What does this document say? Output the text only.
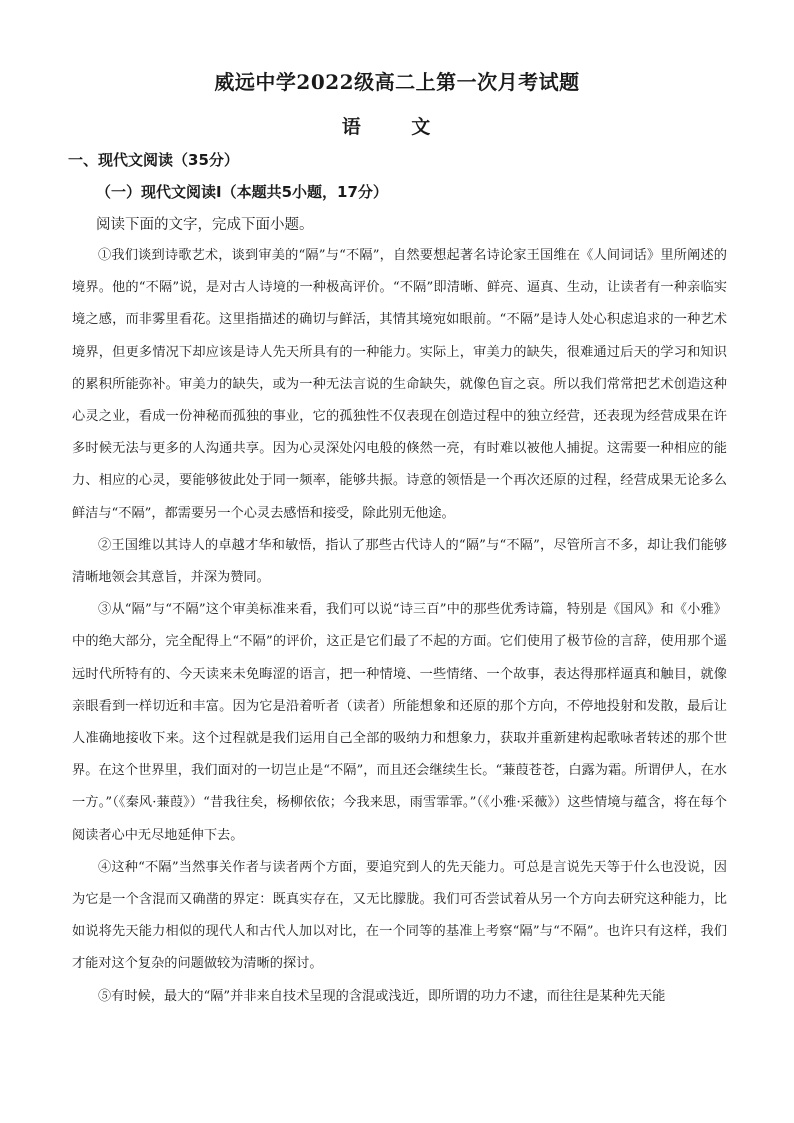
威远中学2022级高二上第一次月考试题
语 文
一、现代文阅读（35分）
（一）现代文阅读Ⅰ（本题共5小题，17分）
阅读下面的文字，完成下面小题。

①我们谈到诗歌艺术，谈到审美的“隔”与“不隔”，自然要想起著名诗论家王国维在《人间词话》里所阐述的境界。他的“不隔”说，是对古人诗境的一种极高评价。“不隔”即清晰、鲜亮、逼真、生动，让读者有一种亲临实境之感，而非雾里看花。这里指描述的确切与鲜活，其情其境宛如眼前。“不隔”是诗人处心积虑追求的一种艺术境界，但更多情况下却应该是诗人先天所具有的一种能力。实际上，审美力的缺失，很难通过后天的学习和知识的累积所能弥补。审美力的缺失，或为一种无法言说的生命缺失，就像色盲之哀。所以我们常常把艺术创造这种心灵之业，看成一份神秘而孤独的事业，它的孤独性不仅表现在创造过程中的独立经营，还表现为经营成果在许多时候无法与更多的人沟通共享。因为心灵深处闪电般的倏然一亮，有时难以被他人捕捉。这需要一种相应的能力、相应的心灵，要能够彼此处于同一频率，能够共振。诗意的领悟是一个再次还原的过程，经营成果无论多么鲜洁与“不隔”，都需要另一个心灵去感悟和接受，除此别无他途。

②王国维以其诗人的卓越才华和敏悟，指认了那些古代诗人的“隔”与“不隔”，尽管所言不多，却让我们能够清晰地领会其意旨，并深为赞同。

③从“隔”与“不隔”这个审美标准来看，我们可以说“诗三百”中的那些优秀诗篇，特别是《国风》和《小雅》中的绝大部分，完全配得上“不隔”的评价，这正是它们最了不起的方面。它们使用了极节俭的言辞，使用那个遥远时代所特有的、今天读来未免晦涩的语言，把一种情境、一些情绪、一个故事，表达得那样逼真和触目，就像亲眼看到一样切近和丰富。因为它是沿着听者（读者）所能想象和还原的那个方向，不停地投射和发散，最后让人准确地接收下来。这个过程就是我们运用自己全部的吸纳力和想象力，获取并重新建构起歌咏者转述的那个世界。在这个世界里，我们面对的一切岂止是“不隔”，而且还会继续生长。“蒹葭苍苍，白露为霜。所谓伊人，在水一方。”（《秦风·蒹葭》）“昔我往矣，杨柳依依；今我来思，雨雪霏霏。”（《小雅·采薇》）这些情境与蕴含，将在每个阅读者心中无尽地延伸下去。

④这种“不隔”当然事关作者与读者两个方面，要追究到人的先天能力。可总是言说先天等于什么也没说，因为它是一个含混而又确凿的界定：既真实存在，又无比朦胧。我们可否尝试着从另一个方向去研究这种能力，比如说将先天能力相似的现代人和古代人加以对比，在一个同等的基准上考察“隔”与“不隔”。也许只有这样，我们才能对这个复杂的问题做较为清晰的探讨。

⑤有时候，最大的“隔”并非来自技术呈现的含混或浅近，即所谓的功力不逮，而往往是某种先天能
